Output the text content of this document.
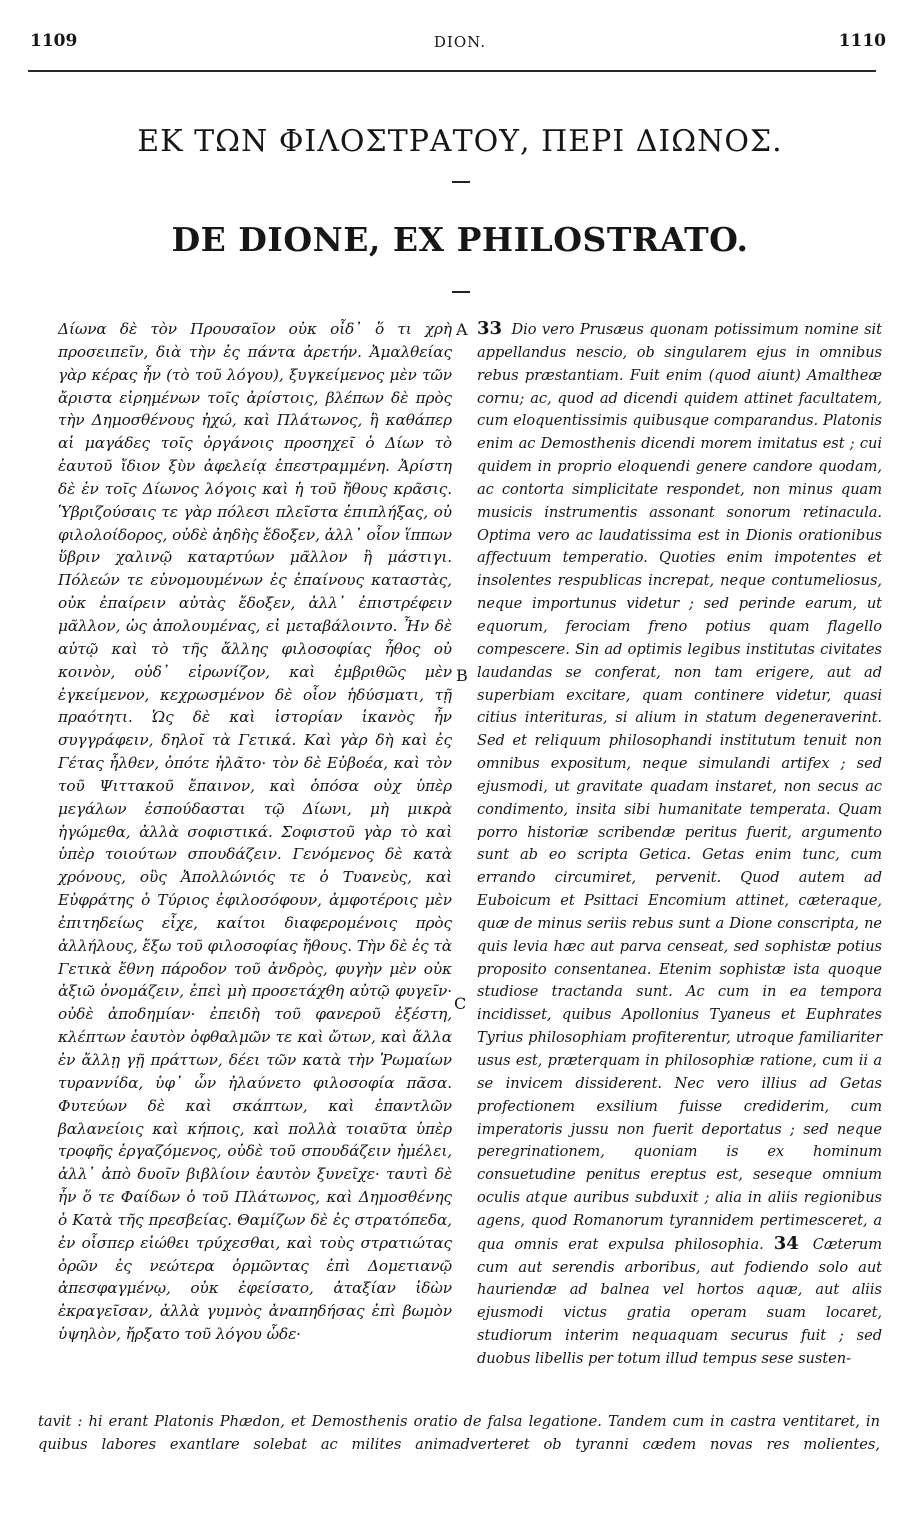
1109	DION.	1110
ΕΚ ΤΩΝ ΦΙΛΟΣΤΡΑΤΟΥ, ΠΕΡΙ ΔΙΩΝΟΣ.
DE DIONE, EX PHILOSTRATO.

Δίωνα δὲ τὸν Προυσαῖον οὐκ οἶδ᾽ ὅ τι χρὴ προσειπεῖν, διὰ τὴν ἐς πάντα ἀρετήν. Ἀμαλθείας γὰρ κέρας ἦν (τὸ τοῦ λόγου), ξυγκείμενος μὲν τῶν ἄριστα εἰρημένων τοῖς ἀρίστοις, βλέπων δὲ πρὸς τὴν Δημοσθένους ἠχώ, καὶ Πλάτωνος, ἣ καθάπερ αἱ μαγάδες τοῖς ὀργάνοις προσηχεῖ ὁ Δίων τὸ ἑαυτοῦ ἴδιον ξὺν ἀφελείᾳ ἐπεστραμμένη. Ἀρίστη δὲ ἐν τοῖς Δίωνος λόγοις καὶ ἡ τοῦ ἤθους κρᾶσις. Ὑβριζούσαις τε γὰρ πόλεσι πλεῖστα ἐπιπλήξας, οὐ φιλολοίδορος, οὐδὲ ἀηδὴς ἔδοξεν, ἀλλ᾽ οἷον ἵππων ὕβριν χαλινῷ καταρτύων μᾶλλον ἢ μάστιγι. Πόλεών τε εὐνομουμένων ἐς ἐπαίνους καταστὰς, οὐκ ἐπαίρειν αὐτὰς ἔδοξεν, ἀλλ᾽ ἐπιστρέφειν μᾶλλον, ὡς ἀπολουμένας, εἰ μεταβάλοιντο. Ἦν δὲ αὐτῷ καὶ τὸ τῆς ἄλλης φιλοσοφίας ἦθος οὐ κοινὸν, οὐδ᾽ εἰρωνίζον, καὶ ἐμβριθῶς μὲν ἐγκείμενον, κεχρωσμένον δὲ οἷον ἡδύσματι, τῇ πραότητι. Ὡς δὲ καὶ ἱστορίαν ἱκανὸς ἦν συγγράφειν, δηλοῖ τὰ Γετικά. Καὶ γὰρ δὴ καὶ ἐς Γέτας ἦλθεν, ὁπότε ἠλᾶτο· τὸν δὲ Εὐβοέα, καὶ τὸν τοῦ Ψιττακοῦ ἔπαινον, καὶ ὁπόσα οὐχ ὑπὲρ μεγάλων ἐσπούδασται τῷ Δίωνι, μὴ μικρὰ ἡγώμεθα, ἀλλὰ σοφιστικά. Σοφιστοῦ γὰρ τὸ καὶ ὑπὲρ τοιούτων σπουδάζειν. Γενόμενος δὲ κατὰ χρόνους, οὓς Ἀπολλώνιός τε ὁ Τυανεὺς, καὶ Εὐφράτης ὁ Τύριος ἐφιλοσόφουν, ἀμφοτέροις μὲν ἐπιτηδείως εἶχε, καίτοι διαφερομένοις πρὸς ἀλλήλους, ἔξω τοῦ φιλοσοφίας ἤθους. Τὴν δὲ ἐς τὰ Γετικὰ ἔθνη πάροδον τοῦ ἀνδρὸς, φυγὴν μὲν οὐκ ἀξιῶ ὀνομάζειν, ἐπεὶ μὴ προσετάχθη αὐτῷ φυγεῖν· οὐδὲ ἀποδημίαν· ἐπειδὴ τοῦ φανεροῦ ἐξέστη, κλέπτων ἑαυτὸν ὀφθαλμῶν τε καὶ ὤτων, καὶ ἄλλα ἐν ἄλλῃ γῇ πράττων, δέει τῶν κατὰ τὴν Ῥωμαίων τυραννίδα, ὑφ᾽ ὧν ἠλαύνετο φιλοσοφία πᾶσα. Φυτεύων δὲ καὶ σκάπτων, καὶ ἐπαντλῶν βαλανείοις καὶ κήποις, καὶ πολλὰ τοιαῦτα ὑπὲρ τροφῆς ἐργαζόμενος, οὐδὲ τοῦ σπουδάζειν ἠμέλει, ἀλλ᾽ ἀπὸ δυοῖν βιβλίοιν ἑαυτὸν ξυνεῖχε· ταυτὶ δὲ ἦν ὅ τε Φαίδων ὁ τοῦ Πλάτωνος, καὶ Δημοσθένης ὁ Κατὰ τῆς πρεσβείας. Θαμίζων δὲ ἐς στρατόπεδα, ἐν οἷσπερ εἰώθει τρύχεσθαι, καὶ τοὺς στρατιώτας ὁρῶν ἐς νεώτερα ὁρμῶντας ἐπὶ Δομετιανῷ ἀπεσφαγμένῳ, οὐκ ἐφείσατο, ἀταξίαν ἰδὼν ἐκραγεῖσαν, ἀλλὰ γυμνὸς ἀναπηδήσας ἐπὶ βωμὸν ὑψηλὸν, ἤρξατο τοῦ λόγου ὧδε·

A
B
C

33 Dio vero Prusæus quonam potissimum nomine sit appellandus nescio, ob singularem ejus in omnibus rebus præstantiam. Fuit enim (quod aiunt) Amaltheæ cornu; ac, quod ad dicendi quidem attinet facultatem, cum eloquentissimis quibusque comparandus. Platonis enim ac Demosthenis dicendi morem imitatus est ; cui quidem in proprio eloquendi genere candore quodam, ac contorta simplicitate respondet, non minus quam musicis instrumentis assonant sonorum retinacula. Optima vero ac laudatissima est in Dionis orationibus affectuum temperatio. Quoties enim impotentes et insolentes respublicas increpat, neque contumeliosus, neque importunus videtur ; sed perinde earum, ut equorum, ferociam freno potius quam flagello compescere. Sin ad optimis legibus institutas civitates laudandas se conferat, non tam erigere, aut ad superbiam excitare, quam continere videtur, quasi citius interituras, si alium in statum degeneraverint. Sed et reliquum philosophandi institutum tenuit non omnibus expositum, neque simulandi artifex ; sed ejusmodi, ut gravitate quadam instaret, non secus ac condimento, insita sibi humanitate temperata. Quam porro historiæ scribendæ peritus fuerit, argumento sunt ab eo scripta Getica. Getas enim tunc, cum errando circumiret, pervenit. Quod autem ad Euboicum et Psittaci Encomium attinet, cæteraque, quæ de minus seriis rebus sunt a Dione conscripta, ne quis levia hæc aut parva censeat, sed sophistæ potius proposito consentanea. Etenim sophistæ ista quoque studiose tractanda sunt. Ac cum in ea tempora incidisset, quibus Apollonius Tyaneus et Euphrates Tyrius philosophiam profiterentur, utroque familiariter usus est, præterquam in philosophiæ ratione, cum ii a se invicem dissiderent. Nec vero illius ad Getas profectionem exsilium fuisse crediderim, cum imperatoris jussu non fuerit deportatus ; sed neque peregrinationem, quoniam is ex hominum consuetudine penitus ereptus est, seseque omnium oculis atque auribus subduxit ; alia in aliis regionibus agens, quod Romanorum tyrannidem pertimesceret, a qua omnis erat expulsa philosophia. 34 Cæterum cum aut serendis arboribus, aut fodiendo solo aut hauriendæ ad balnea vel hortos aquæ, aut aliis ejusmodi victus gratia operam suam locaret, studiorum interim nequaquam securus fuit ; sed duobus libellis per totum illud tempus sese susten-

tavit : hi erant Platonis Phædon, et Demosthenis oratio de falsa legatione. Tandem cum in castra ventitaret, in quibus labores exantlare solebat ac milites animadverteret ob tyranni cædem novas res molientes,
